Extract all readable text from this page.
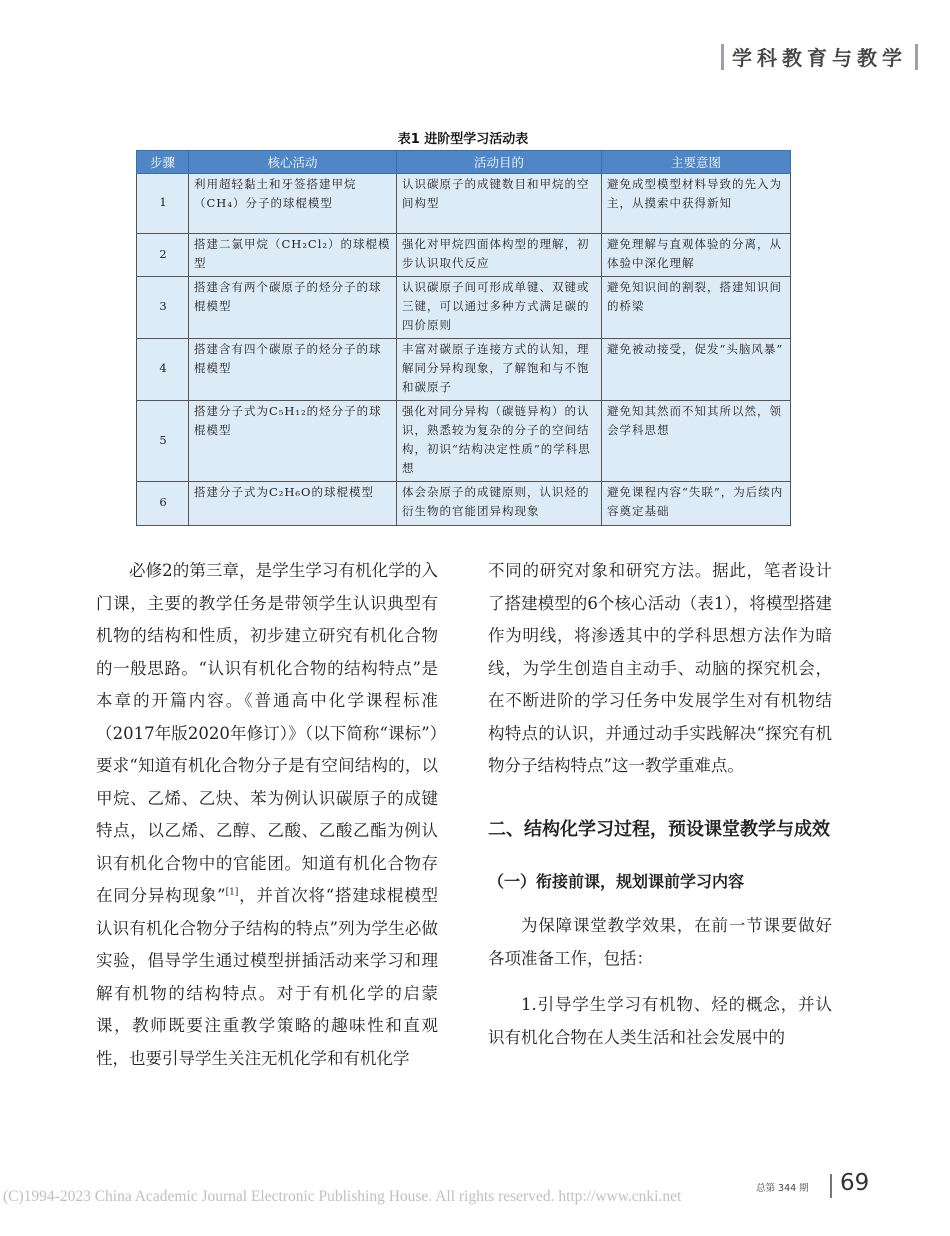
学科教育与教学
表1 进阶型学习活动表
步骤	核心活动	活动目的	主要意图
1	利用超轻黏土和牙签搭建甲烷（CH₄）分子的球棍模型	认识碳原子的成键数目和甲烷的空间构型	避免成型模型材料导致的先入为主，从摸索中获得新知
2	搭建二氯甲烷（CH₂Cl₂）的球棍模型	强化对甲烷四面体构型的理解，初步认识取代反应	避免理解与直观体验的分离，从体验中深化理解
3	搭建含有两个碳原子的烃分子的球棍模型	认识碳原子间可形成单键、双键或三键，可以通过多种方式满足碳的四价原则	避免知识间的割裂，搭建知识间的桥梁
4	搭建含有四个碳原子的烃分子的球棍模型	丰富对碳原子连接方式的认知，理解同分异构现象，了解饱和与不饱和碳原子	避免被动接受，促发“头脑风暴”
5	搭建分子式为C₅H₁₂的烃分子的球棍模型	强化对同分异构（碳链异构）的认识，熟悉较为复杂的分子的空间结构，初识“结构决定性质”的学科思想	避免知其然而不知其所以然，领会学科思想
6	搭建分子式为C₂H₆O的球棍模型	体会杂原子的成键原则，认识烃的衍生物的官能团异构现象	避免课程内容“失联”，为后续内容奠定基础

必修2的第三章，是学生学习有机化学的入门课，主要的教学任务是带领学生认识典型有机物的结构和性质，初步建立研究有机化合物的一般思路。“认识有机化合物的结构特点”是本章的开篇内容。《普通高中化学课程标准（2017年版2020年修订）》（以下简称“课标”）要求“知道有机化合物分子是有空间结构的，以甲烷、乙烯、乙炔、苯为例认识碳原子的成键特点，以乙烯、乙醇、乙酸、乙酸乙酯为例认识有机化合物中的官能团。知道有机化合物存在同分异构现象”[1]，并首次将“搭建球棍模型认识有机化合物分子结构的特点”列为学生必做实验，倡导学生通过模型拼插活动来学习和理解有机物的结构特点。对于有机化学的启蒙课，教师既要注重教学策略的趣味性和直观性，也要引导学生关注无机化学和有机化学

不同的研究对象和研究方法。据此，笔者设计了搭建模型的6个核心活动（表1），将模型搭建作为明线，将渗透其中的学科思想方法作为暗线，为学生创造自主动手、动脑的探究机会，在不断进阶的学习任务中发展学生对有机物结构特点的认识，并通过动手实践解决“探究有机物分子结构特点”这一教学重难点。

二、结构化学习过程，预设课堂教学与成效

（一）衔接前课，规划课前学习内容

为保障课堂教学效果，在前一节课要做好各项准备工作，包括：

1.引导学生学习有机物、烃的概念，并认识有机化合物在人类生活和社会发展中的

总第 344 期 69
(C)1994-2023 China Academic Journal Electronic Publishing House. All rights reserved. http://www.cnki.net
